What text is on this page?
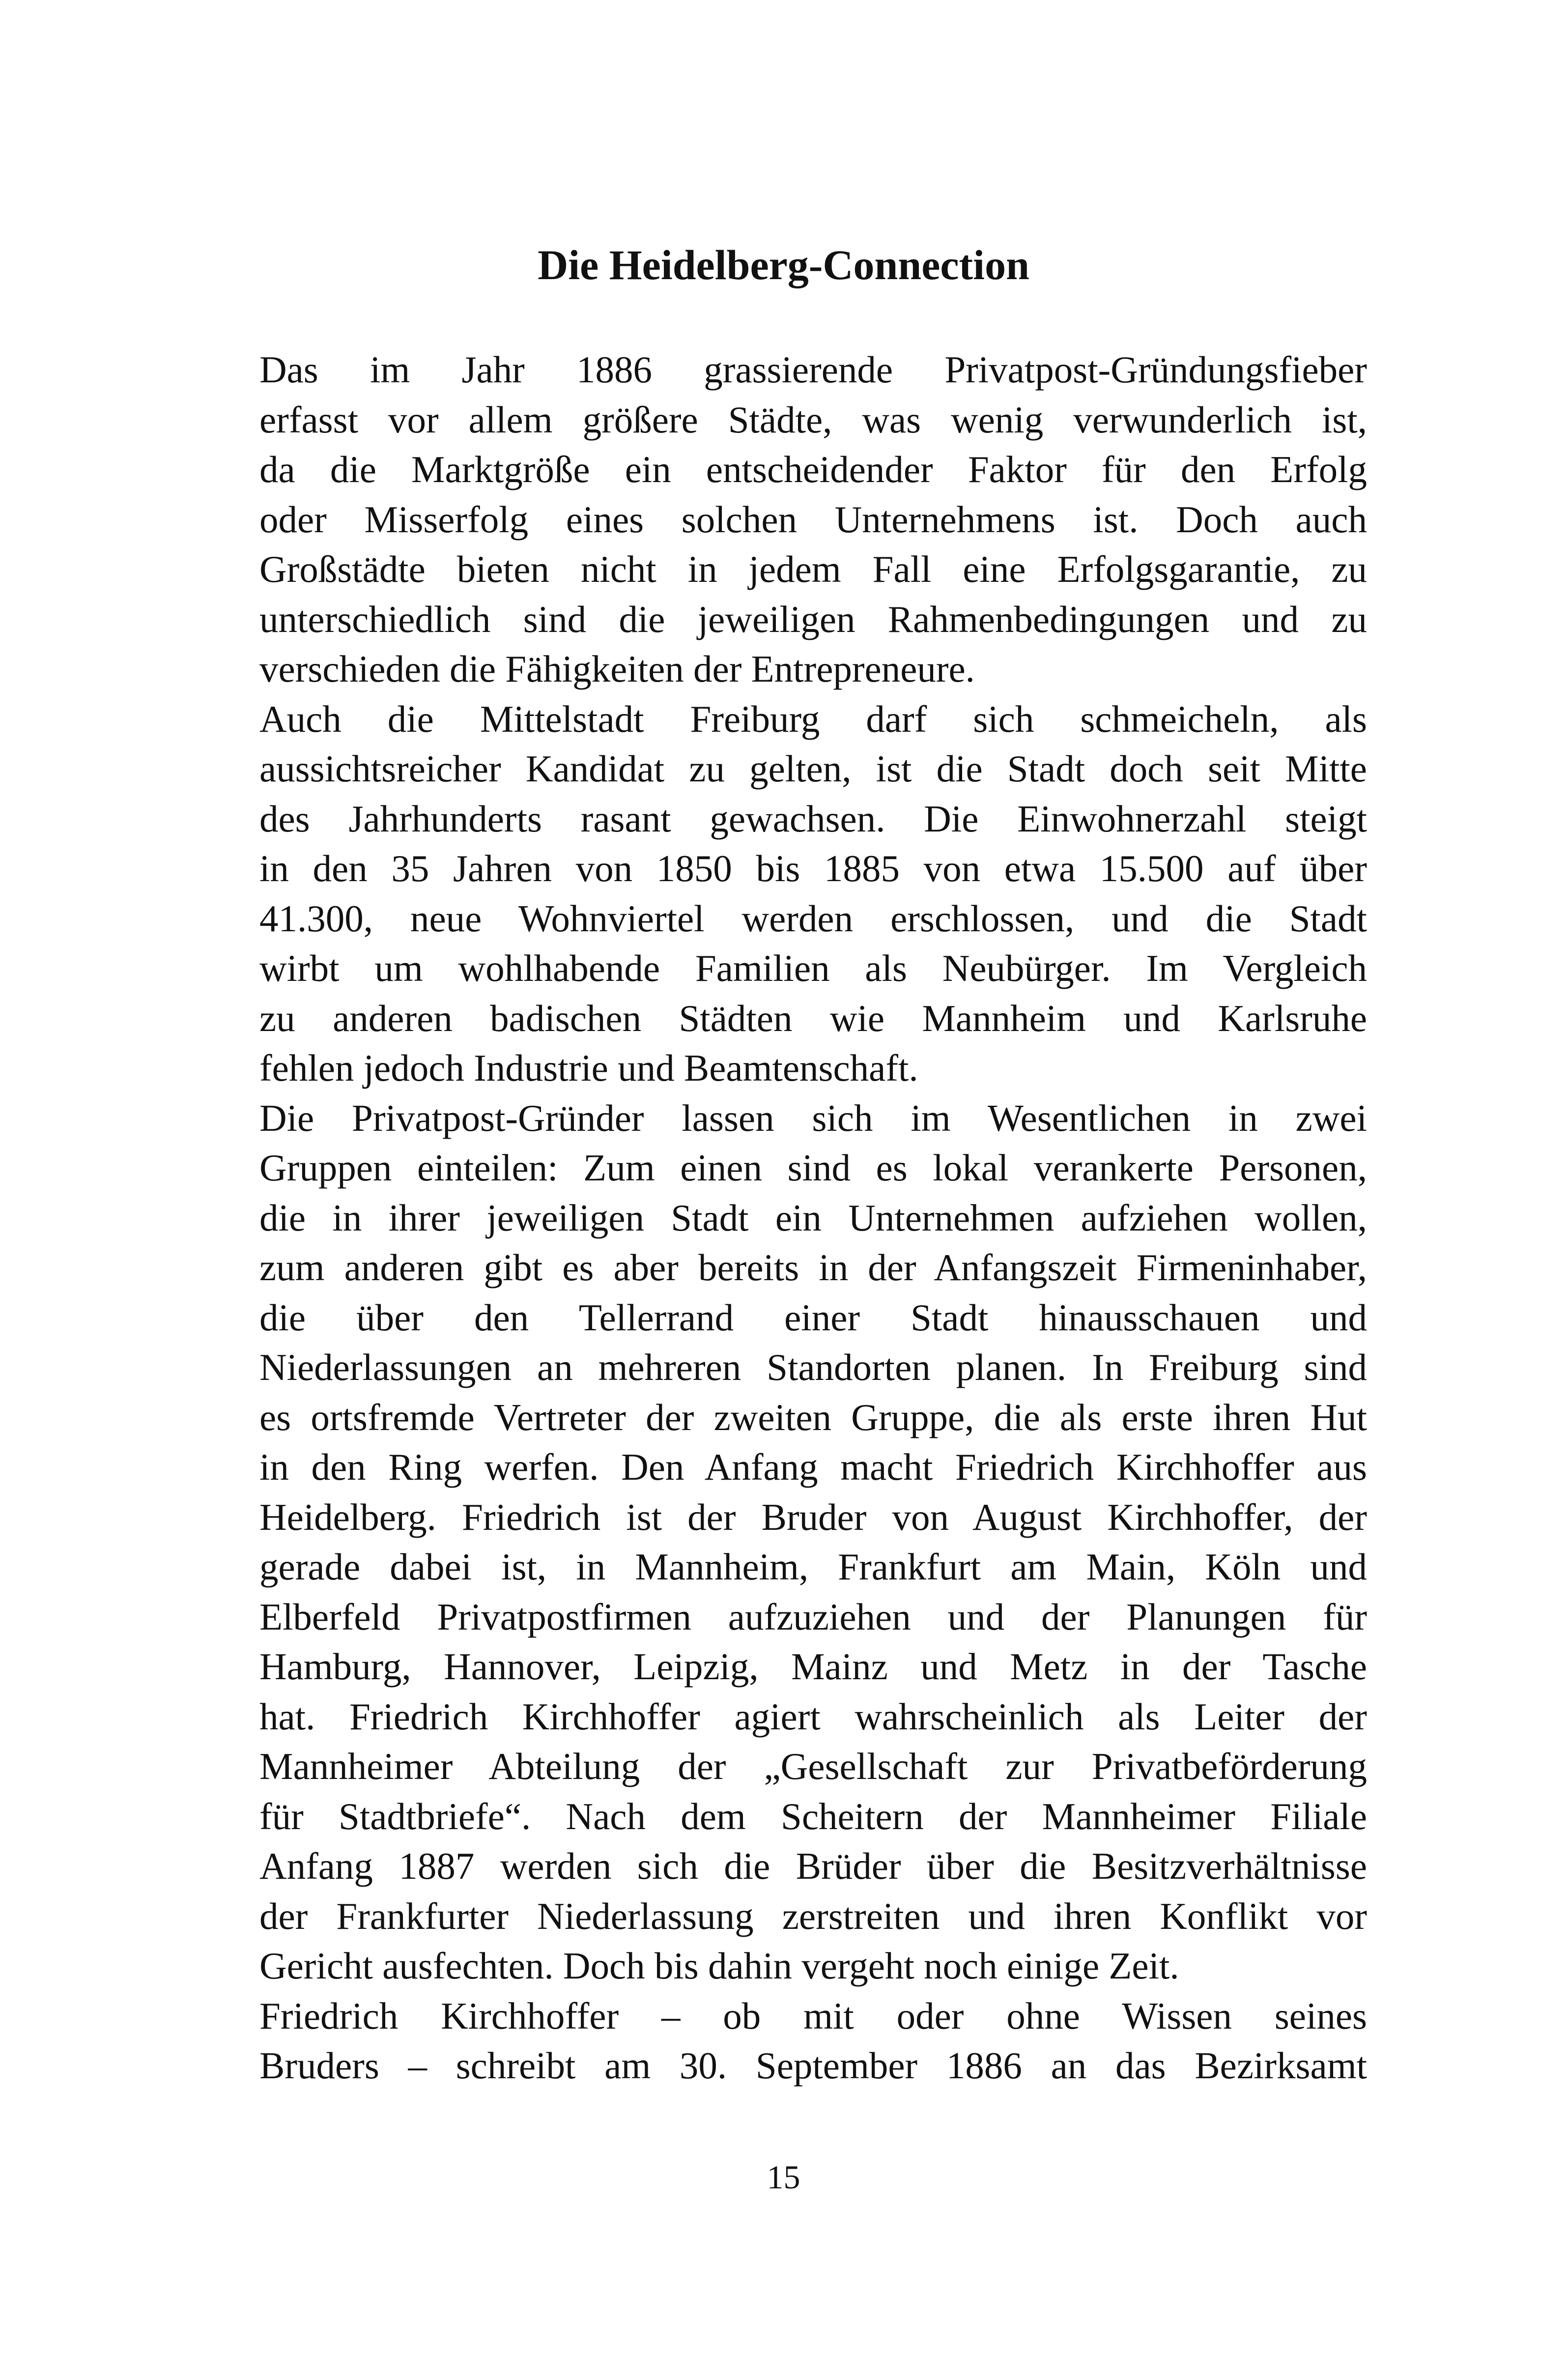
Die Heidelberg-Connection
Das im Jahr 1886 grassierende Privatpost-Gründungsfieber
erfasst vor allem größere Städte, was wenig verwunderlich ist,
da die Marktgröße ein entscheidender Faktor für den Erfolg
oder Misserfolg eines solchen Unternehmens ist. Doch auch
Großstädte bieten nicht in jedem Fall eine Erfolgsgarantie, zu
unterschiedlich sind die jeweiligen Rahmenbedingungen und zu
verschieden die Fähigkeiten der Entrepreneure.
Auch die Mittelstadt Freiburg darf sich schmeicheln, als
aussichtsreicher Kandidat zu gelten, ist die Stadt doch seit Mitte
des Jahrhunderts rasant gewachsen. Die Einwohnerzahl steigt
in den 35 Jahren von 1850 bis 1885 von etwa 15.500 auf über
41.300, neue Wohnviertel werden erschlossen, und die Stadt
wirbt um wohlhabende Familien als Neubürger. Im Vergleich
zu anderen badischen Städten wie Mannheim und Karlsruhe
fehlen jedoch Industrie und Beamtenschaft.
Die Privatpost-Gründer lassen sich im Wesentlichen in zwei
Gruppen einteilen: Zum einen sind es lokal verankerte Personen,
die in ihrer jeweiligen Stadt ein Unternehmen aufziehen wollen,
zum anderen gibt es aber bereits in der Anfangszeit Firmeninhaber,
die über den Tellerrand einer Stadt hinausschauen und
Niederlassungen an mehreren Standorten planen. In Freiburg sind
es ortsfremde Vertreter der zweiten Gruppe, die als erste ihren Hut
in den Ring werfen. Den Anfang macht Friedrich Kirchhoffer aus
Heidelberg. Friedrich ist der Bruder von August Kirchhoffer, der
gerade dabei ist, in Mannheim, Frankfurt am Main, Köln und
Elberfeld Privatpostfirmen aufzuziehen und der Planungen für
Hamburg, Hannover, Leipzig, Mainz und Metz in der Tasche
hat. Friedrich Kirchhoffer agiert wahrscheinlich als Leiter der
Mannheimer Abteilung der „Gesellschaft zur Privatbeförderung
für Stadtbriefe“. Nach dem Scheitern der Mannheimer Filiale
Anfang 1887 werden sich die Brüder über die Besitzverhältnisse
der Frankfurter Niederlassung zerstreiten und ihren Konflikt vor
Gericht ausfechten. Doch bis dahin vergeht noch einige Zeit.
Friedrich Kirchhoffer – ob mit oder ohne Wissen seines
Bruders – schreibt am 30. September 1886 an das Bezirksamt
15
